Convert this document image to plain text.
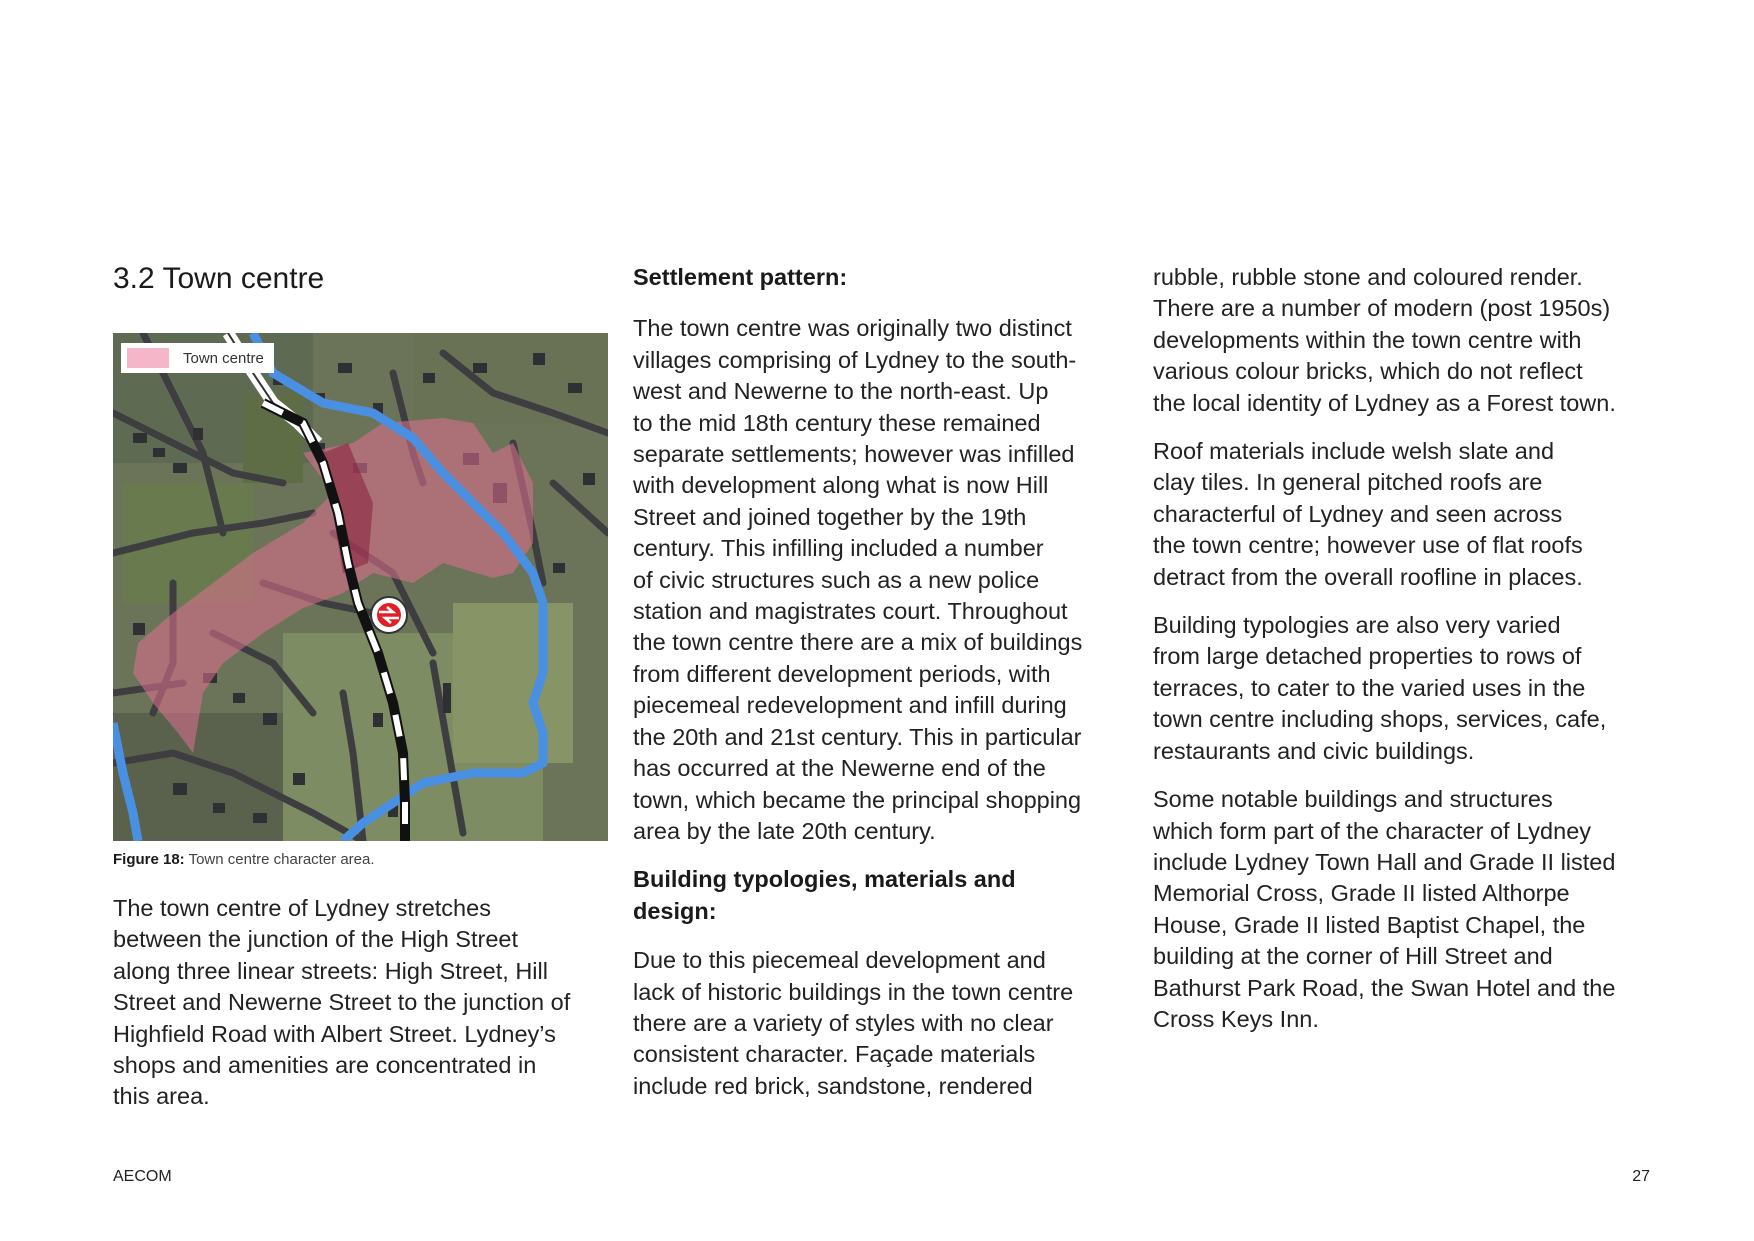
3.2 Town centre
Town centre

Figure 18: Town centre character area.

The town centre of Lydney stretches
between the junction of the High Street
along three linear streets: High Street, Hill
Street and Newerne Street to the junction of
Highfield Road with Albert Street. Lydney’s
shops and amenities are concentrated in
this area.

Settlement pattern:

The town centre was originally two distinct
villages comprising of Lydney to the south-
west and Newerne to the north-east. Up
to the mid 18th century these remained
separate settlements; however was infilled
with development along what is now Hill
Street and joined together by the 19th
century. This infilling included a number
of civic structures such as a new police
station and magistrates court. Throughout
the town centre there are a mix of buildings
from different development periods, with
piecemeal redevelopment and infill during
the 20th and 21st century. This in particular
has occurred at the Newerne end of the
town, which became the principal shopping
area by the late 20th century.

Building typologies, materials and
design:

Due to this piecemeal development and
lack of historic buildings in the town centre
there are a variety of styles with no clear
consistent character. Façade materials
include red brick, sandstone, rendered

rubble, rubble stone and coloured render.
There are a number of modern (post 1950s)
developments within the town centre with
various colour bricks, which do not reflect
the local identity of Lydney as a Forest town.

Roof materials include welsh slate and
clay tiles. In general pitched roofs are
characterful of Lydney and seen across
the town centre; however use of flat roofs
detract from the overall roofline in places.

Building typologies are also very varied
from large detached properties to rows of
terraces, to cater to the varied uses in the
town centre including shops, services, cafe,
restaurants and civic buildings.

Some notable buildings and structures
which form part of the character of Lydney
include Lydney Town Hall and Grade II listed
Memorial Cross, Grade II listed Althorpe
House, Grade II listed Baptist Chapel, the
building at the corner of Hill Street and
Bathurst Park Road, the Swan Hotel and the
Cross Keys Inn.

AECOM	27
